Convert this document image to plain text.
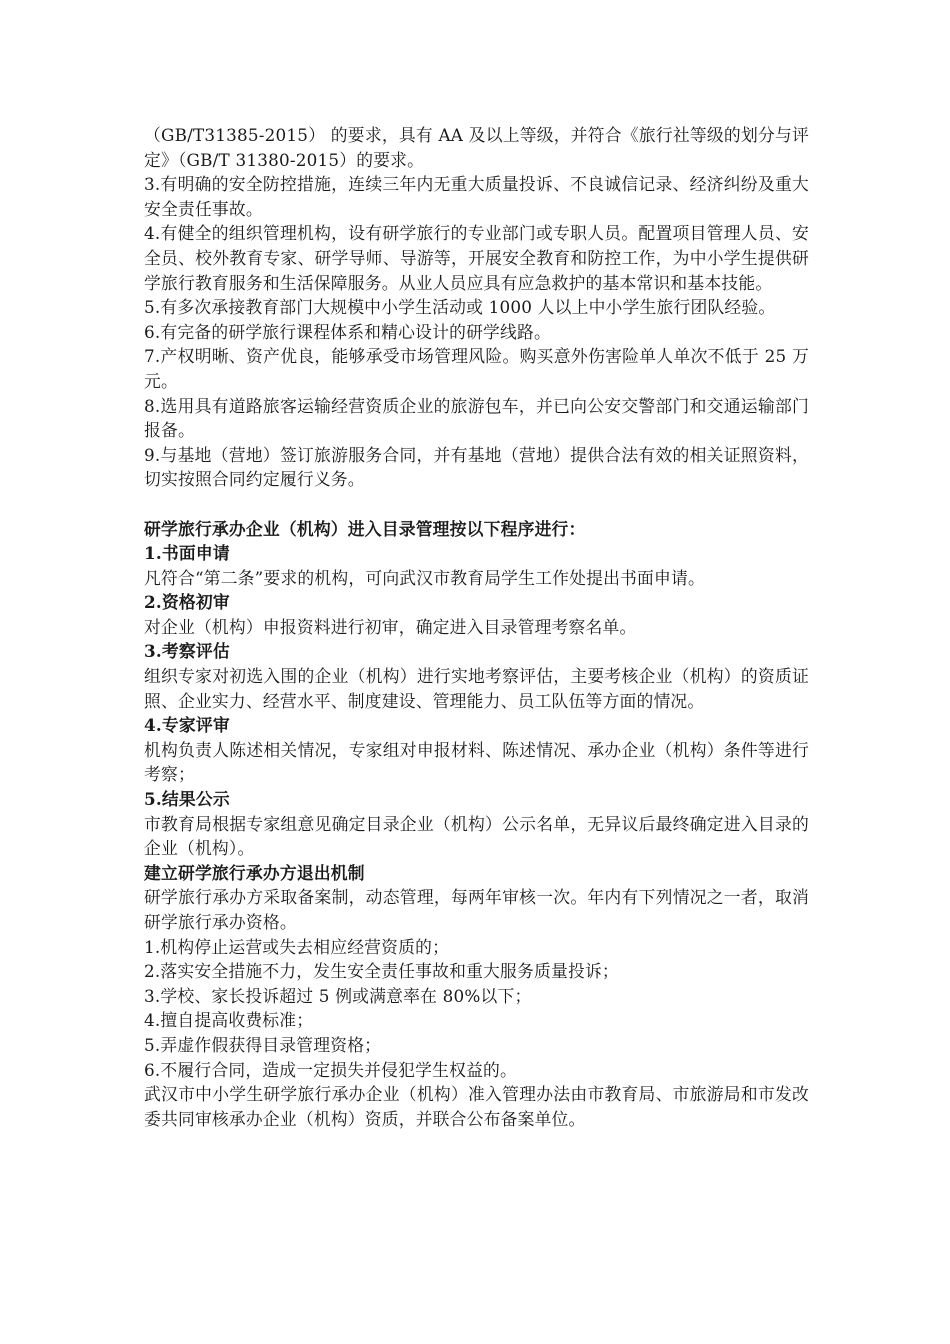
（GB/T31385-2015） 的要求，具有 AA 及以上等级，并符合《旅行社等级的划分与评定》（GB/T 31380-2015）的要求。

3.有明确的安全防控措施，连续三年内无重大质量投诉、不良诚信记录、经济纠纷及重大安全责任事故。

4.有健全的组织管理机构，设有研学旅行的专业部门或专职人员。配置项目管理人员、安全员、校外教育专家、研学导师、导游等，开展安全教育和防控工作，为中小学生提供研学旅行教育服务和生活保障服务。从业人员应具有应急救护的基本常识和基本技能。

5.有多次承接教育部门大规模中小学生活动或 1000 人以上中小学生旅行团队经验。

6.有完备的研学旅行课程体系和精心设计的研学线路。

7.产权明晰、资产优良，能够承受市场管理风险。购买意外伤害险单人单次不低于 25 万元。

8.选用具有道路旅客运输经营资质企业的旅游包车，并已向公安交警部门和交通运输部门报备。

9.与基地（营地）签订旅游服务合同，并有基地（营地）提供合法有效的相关证照资料，切实按照合同约定履行义务。

研学旅行承办企业（机构）进入目录管理按以下程序进行：

1.书面申请

凡符合“第二条”要求的机构，可向武汉市教育局学生工作处提出书面申请。

2.资格初审

对企业（机构）申报资料进行初审，确定进入目录管理考察名单。

3.考察评估

组织专家对初选入围的企业（机构）进行实地考察评估，主要考核企业（机构）的资质证照、企业实力、经营水平、制度建设、管理能力、员工队伍等方面的情况。

4.专家评审

机构负责人陈述相关情况，专家组对申报材料、陈述情况、承办企业（机构）条件等进行考察；

5.结果公示

市教育局根据专家组意见确定目录企业（机构）公示名单，无异议后最终确定进入目录的企业（机构）。

建立研学旅行承办方退出机制

研学旅行承办方采取备案制，动态管理，每两年审核一次。年内有下列情况之一者，取消研学旅行承办资格。

1.机构停止运营或失去相应经营资质的；

2.落实安全措施不力，发生安全责任事故和重大服务质量投诉；

3.学校、家长投诉超过 5 例或满意率在 80%以下；

4.擅自提高收费标准；

5.弄虚作假获得目录管理资格；

6.不履行合同，造成一定损失并侵犯学生权益的。

武汉市中小学生研学旅行承办企业（机构）准入管理办法由市教育局、市旅游局和市发改委共同审核承办企业（机构）资质，并联合公布备案单位。
